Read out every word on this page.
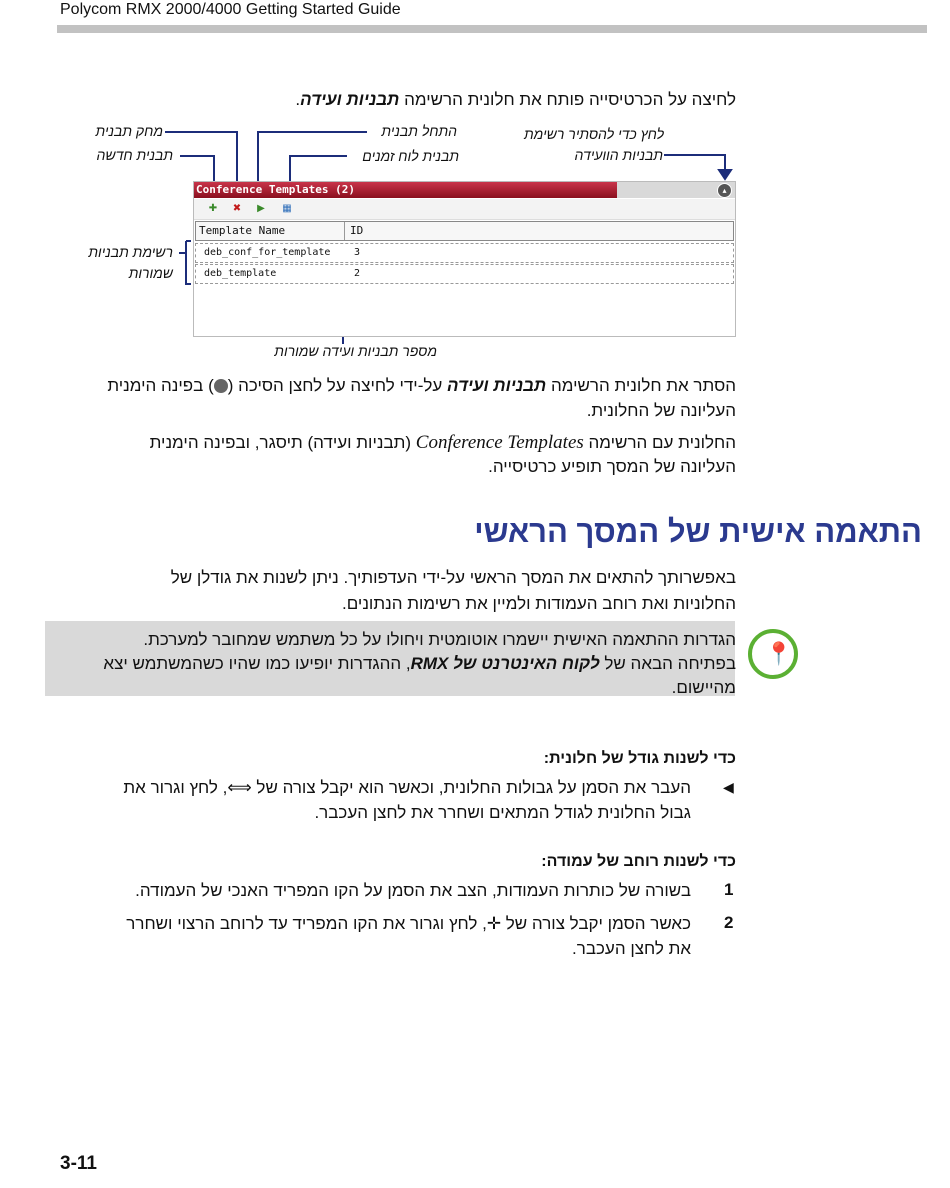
Polycom RMX 2000/4000 Getting Started Guide
לחיצה על הכרטיסייה פותח את חלונית הרשימה תבניות ועידה.
מחק תבנית
תבנית חדשה
התחל תבנית
תבנית לוח זמנים
לחץ כדי להסתיר רשימת
תבניות הוועידה
רשימת תבניות
שמורות
מספר תבניות ועידה שמורות
Conference Templates (2)	▴
✚ ✖	▶	▦
Template Name	ID
deb_conf_for_template 3
deb_template	2
הסתר את חלונית הרשימה תבניות ועידה על-ידי לחיצה על לחצן הסיכה () בפינה הימנית
העליונה של החלונית.
החלונית עם הרשימה Conference Templates (תבניות ועידה) תיסגר, ובפינה הימנית
העליונה של המסך תופיע כרטיסייה.
התאמה אישית של המסך הראשי
באפשרותך להתאים את המסך הראשי על-ידי העדפותיך. ניתן לשנות את גודלן של
החלוניות ואת רוחב העמודות ולמיין את רשימות הנתונים.
הגדרות ההתאמה האישית יישמרו אוטומטית ויחולו על כל משתמש שמחובר למערכת.
בפתיחה הבאה של לקוח האינטרנט של RMX, ההגדרות יופיעו כמו שהיו כשהמשתמש יצא
מהיישום.
📍
כדי לשנות גודל של חלונית:
◀
העבר את הסמן על גבולות החלונית, וכאשר הוא יקבל צורה של ⟺, לחץ וגרור את
גבול החלונית לגודל המתאים ושחרר את לחצן העכבר.
כדי לשנות רוחב של עמודה:
1
בשורה של כותרות העמודות, הצב את הסמן על הקו המפריד האנכי של העמודה.
2
כאשר הסמן יקבל צורה של ✛, לחץ וגרור את הקו המפריד עד לרוחב הרצוי ושחרר
את לחצן העכבר.
3-11
